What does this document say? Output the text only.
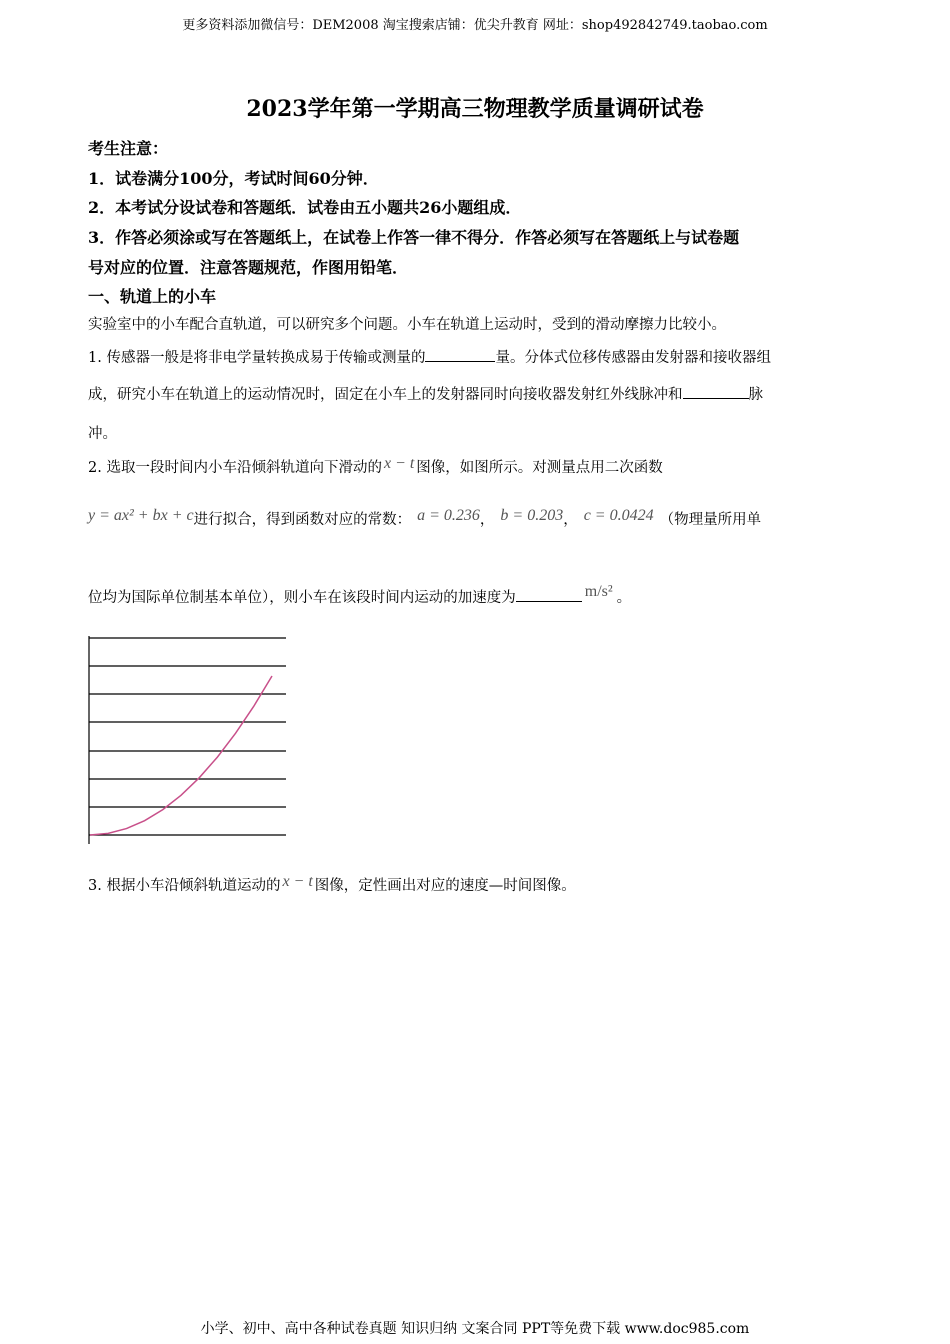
更多资料添加微信号：DEM2008 淘宝搜索店铺：优尖升教育 网址：shop492842749.taobao.com
2023学年第一学期高三物理教学质量调研试卷
考生注意：
1．试卷满分100分，考试时间60分钟．
2．本考试分设试卷和答题纸．试卷由五小题共26小题组成．
3．作答必须涂或写在答题纸上，在试卷上作答一律不得分．作答必须写在答题纸上与试卷题
号对应的位置．注意答题规范，作图用铅笔．
一、轨道上的小车
实验室中的小车配合直轨道，可以研究多个问题。小车在轨道上运动时，受到的滑动摩擦力比较小。
1. 传感器一般是将非电学量转换成易于传输或测量的	量。分体式位移传感器由发射器和接收器组
成，研究小车在轨道上的运动情况时，固定在小车上的发射器同时向接收器发射红外线脉冲和	脉
冲。
2. 选取一段时间内小车沿倾斜轨道向下滑动的 x − t 图像，如图所示。对测量点用二次函数
y = ax² + bx + c进行拟合，得到函数对应的常数： a = 0.236， b = 0.203， c = 0.0424 （物理量所用单
位均为国际单位制基本单位），则小车在该段时间内运动的加速度为	m/s² 。
3. 根据小车沿倾斜轨道运动的 x − t 图像，定性画出对应的速度—时间图像。
小学、初中、高中各种试卷真题 知识归纳 文案合同 PPT等免费下载 www.doc985.com
